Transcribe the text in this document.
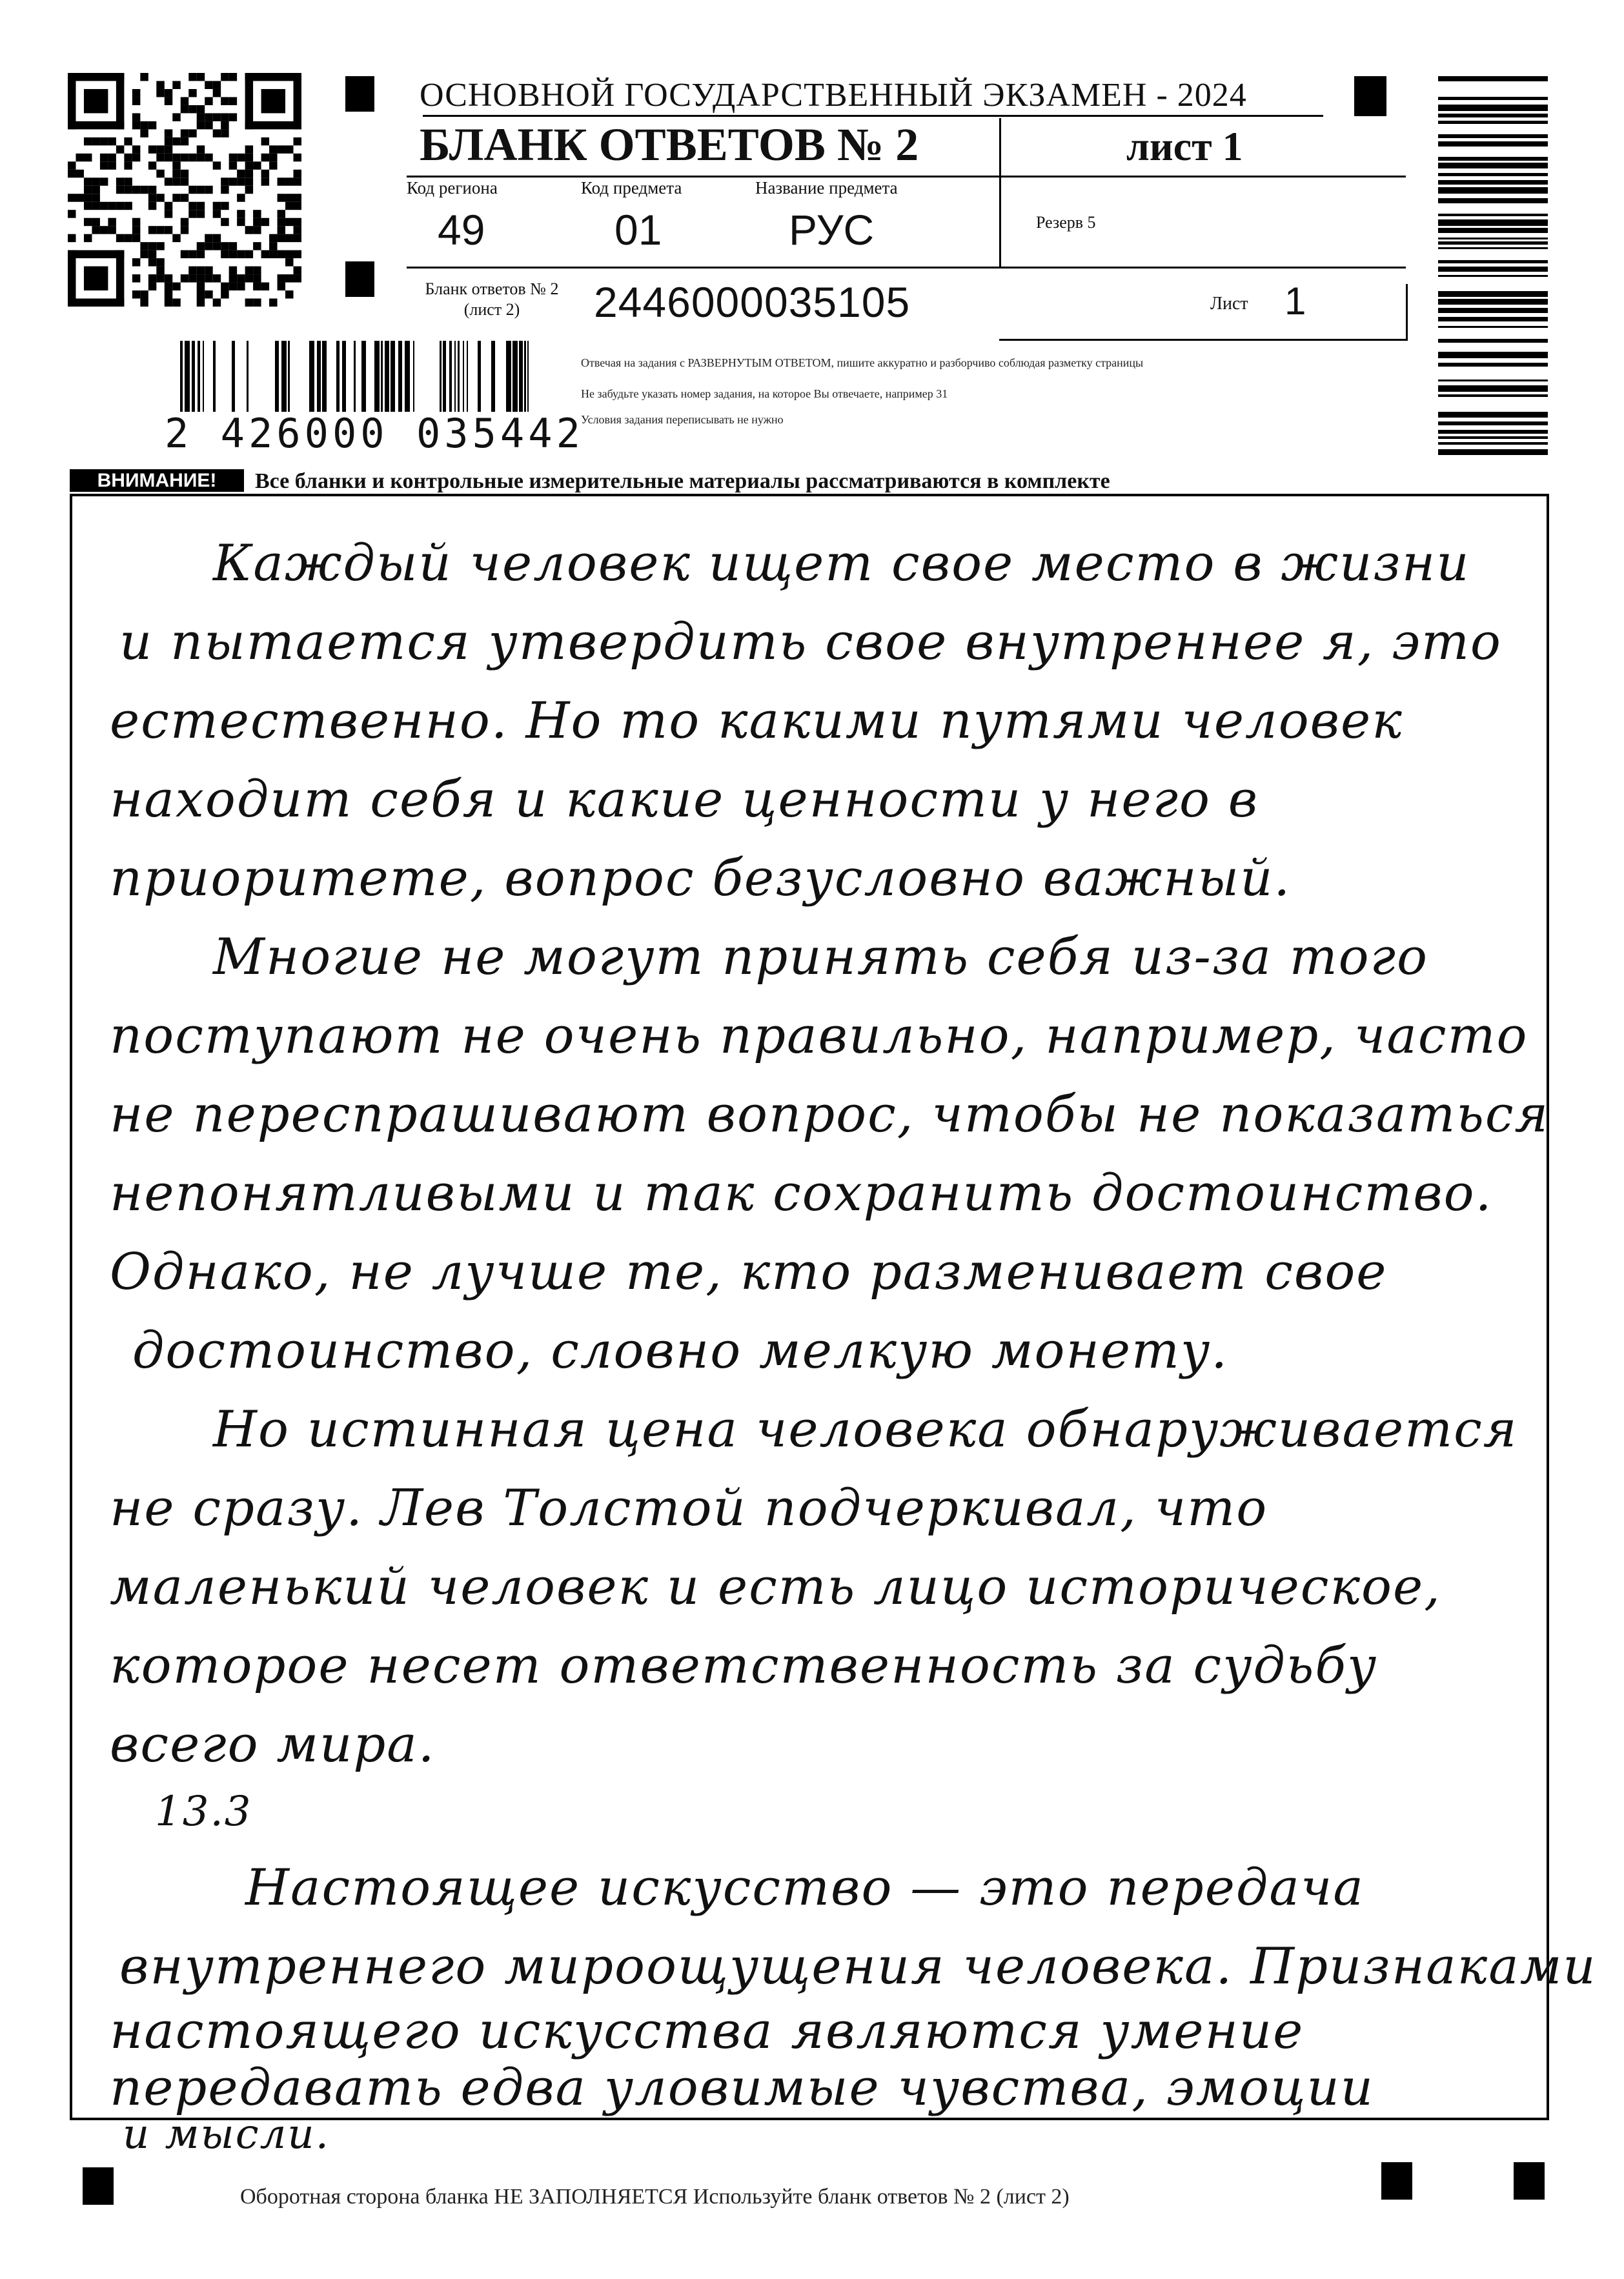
ОСНОВНОЙ ГОСУДАРСТВЕННЫЙ ЭКЗАМЕН - 2024
БЛАНК ОТВЕТОВ № 2	лист 1
Код региона
49
Код предмета
01
Название предмета
РУС	Резерв 5
Бланк ответов № 2
(лист 2)	2446000035105	Лист 1
Отвечая на задания с РАЗВЕРНУТЫМ ОТВЕТОМ, пишите аккуратно и разборчиво соблюдая разметку страницы
Не забудьте указать номер задания, на которое Вы отвечаете, например 31
Условия задания переписывать не нужно
2 426000 035442
ВНИМАНИЕ!	Все бланки и контрольные измерительные материалы рассматриваются в комплекте
Каждый человек ищет свое место в жизни
и пытается утвердить свое внутреннее я, это
естественно. Но то какими путями человек
находит себя и какие ценности у него в
приоритете, вопрос безусловно важный.
Многие не могут принять себя из-за того
поступают не очень правильно, например, часто
не переспрашивают вопрос, чтобы не показаться
непонятливыми и так сохранить достоинство.
Однако, не лучше те, кто разменивает свое
достоинство, словно мелкую монету.
Но истинная цена человека обнаруживается
не сразу. Лев Толстой подчеркивал, что
маленький человек и есть лицо историческое,
которое несет ответственность за судьбу
всего мира.
13.3
Настоящее искусство — это передача
внутреннего мироощущения человека. Признаками
настоящего искусства являются умение
передавать едва уловимые чувства, эмоции
и мысли.
Оборотная сторона бланка НЕ ЗАПОЛНЯЕТСЯ Используйте бланк ответов № 2 (лист 2)
